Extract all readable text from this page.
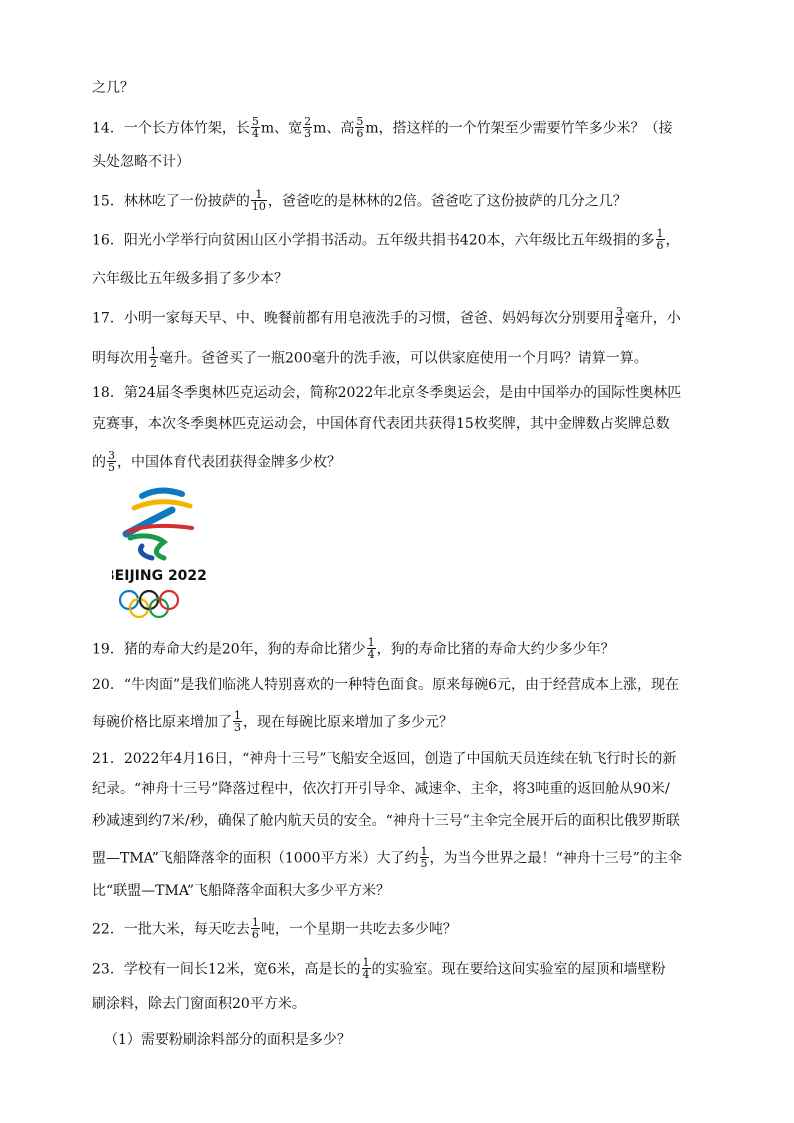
之几？
14．一个长方体竹架，长 $\frac{5}{4}$ m、宽 $\frac{2}{3}$ m、高 $\frac{5}{6}$ m，搭这样的一个竹架至少需要竹竿多少米？（接
头处忽略不计）
15．林林吃了一份披萨的 $\frac{1}{10}$ ，爸爸吃的是林林的2倍。爸爸吃了这份披萨的几分之几？
16．阳光小学举行向贫困山区小学捐书活动。五年级共捐书420本，六年级比五年级捐的多 $\frac{1}{6}$ ，
六年级比五年级多捐了多少本？
17．小明一家每天早、中、晚餐前都有用皂液洗手的习惯，爸爸、妈妈每次分别要用 $\frac{3}{4}$ 毫升，小
明每次用 $\frac{1}{2}$ 毫升。爸爸买了一瓶200毫升的洗手液，可以供家庭使用一个月吗？请算一算。
18．第24届冬季奥林匹克运动会，简称2022年北京冬季奥运会，是由中国举办的国际性奥林匹
克赛事，本次冬季奥林匹克运动会，中国体育代表团共获得15枚奖牌，其中金牌数占奖牌总数
的 $\frac{3}{5}$ ，中国体育代表团获得金牌多少枚？
19．猪的寿命大约是20年，狗的寿命比猪少 $\frac{1}{4}$ ，狗的寿命比猪的寿命大约少多少年？
20．“牛肉面”是我们临洮人特别喜欢的一种特色面食。原来每碗6元，由于经营成本上涨，现在
每碗价格比原来增加了 $\frac{1}{3}$ ，现在每碗比原来增加了多少元？
21．2022年4月16日，“神舟十三号”飞船安全返回，创造了中国航天员连续在轨飞行时长的新
纪录。“神舟十三号”降落过程中，依次打开引导伞、减速伞、主伞，将3吨重的返回舱从90米/
秒减速到约7米/秒，确保了舱内航天员的安全。“神舟十三号”主伞完全展开后的面积比俄罗斯联
盟—TMA”飞船降落伞的面积（1000平方米）大了约 $\frac{1}{5}$ ，为当今世界之最！“神舟十三号”的主伞
比“联盟—TMA”飞船降落伞面积大多少平方米？
22．一批大米，每天吃去 $\frac{1}{6}$ 吨，一个星期一共吃去多少吨？
23．学校有一间长12米，宽6米，高是长的 $\frac{1}{4}$ 的实验室。现在要给这间实验室的屋顶和墙壁粉
刷涂料，除去门窗面积20平方米。
（1）需要粉刷涂料部分的面积是多少？
BEIJING 2022
